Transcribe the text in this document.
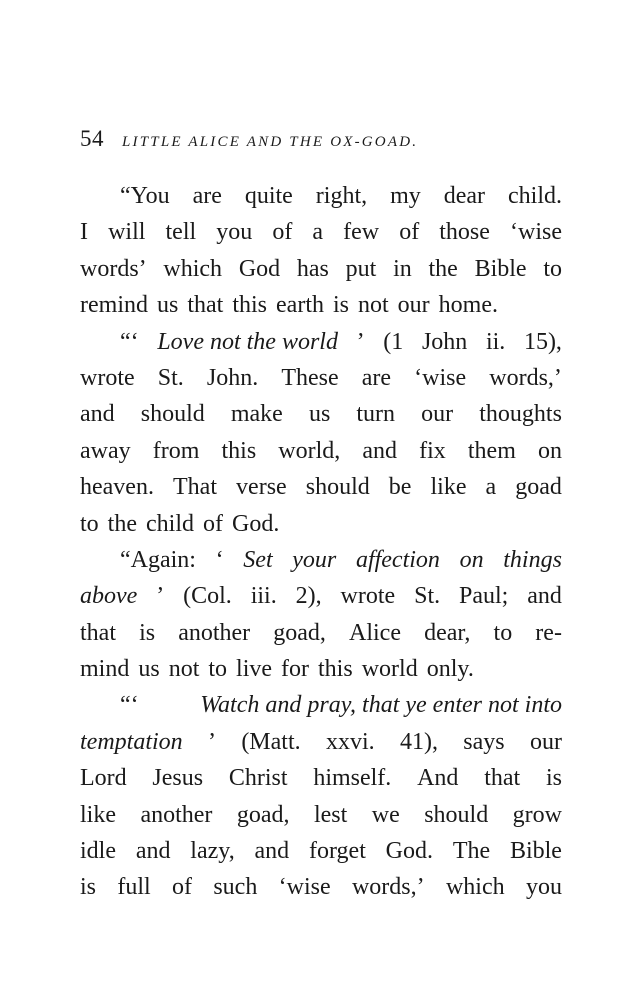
54 LITTLE ALICE AND THE OX-GOAD.
“You are quite right, my dear child.
I will tell you of a few of those ‘wise
words’ which God has put in the Bible to
remind us that this earth is not our home.
“‘ Love not the world ’ (1 John ii. 15),
wrote St. John. These are ‘wise words,’
and should make us turn our thoughts
away from this world, and fix them on
heaven. That verse should be like a goad
to the child of God.
“Again: ‘ Set your affection on things
above ’ (Col. iii. 2), wrote St. Paul; and
that is another goad, Alice dear, to re-
mind us not to live for this world only.
“‘	Watch and pray, that ye enter not into
temptation ’ (Matt. xxvi. 41), says our
Lord Jesus Christ himself. And that is
like another goad, lest we should grow
idle and lazy, and forget God. The Bible
is full of such ‘wise words,’ which you
